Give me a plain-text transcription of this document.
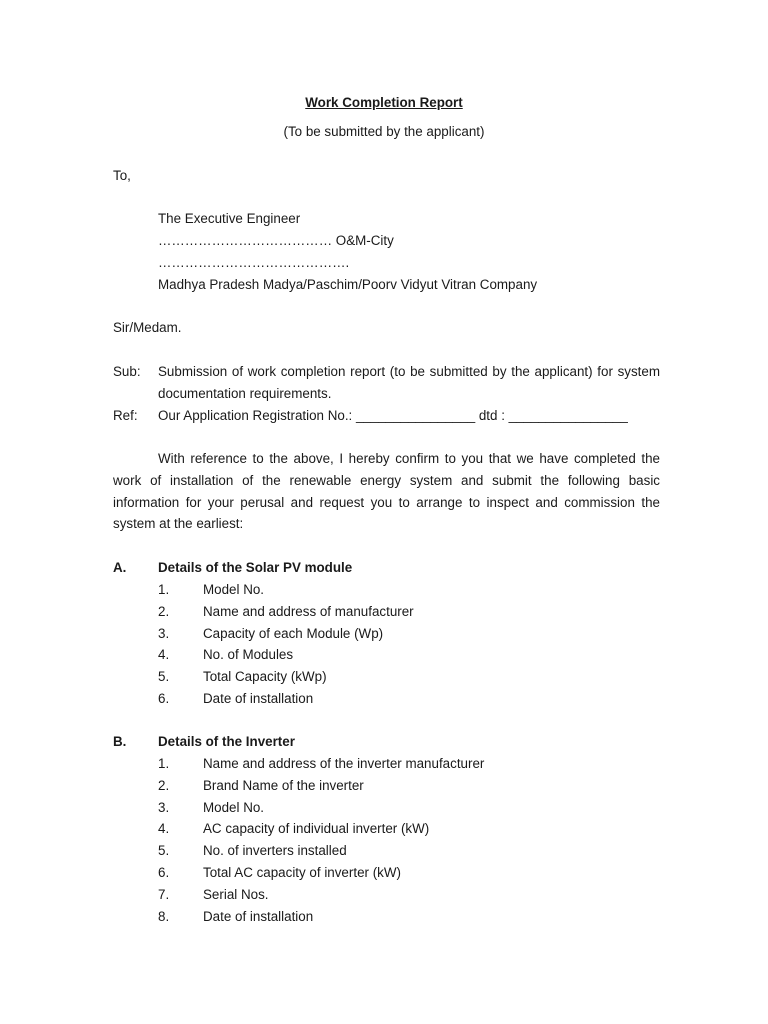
Work Completion Report
(To be submitted by the applicant)
To,
The Executive Engineer
………………………………… O&M-City
…………………………………….
Madhya Pradesh Madya/Paschim/Poorv Vidyut Vitran Company
Sir/Medam.
Sub: Submission of work completion report (to be submitted by the applicant) for system documentation requirements.
Ref: Our Application Registration No.: ________________ dtd : ________________
With reference to the above, I hereby confirm to you that we have completed the work of installation of the renewable energy system and submit the following basic information for your perusal and request you to arrange to inspect and commission the system at the earliest:
A. Details of the Solar PV module
1.	Model No.
2.	Name and address of manufacturer
3.	Capacity of each Module (Wp)
4.	No. of Modules
5.	Total Capacity (kWp)
6.	Date of installation
B. Details of the Inverter
1.	Name and address of the inverter manufacturer
2.	Brand Name of the inverter
3.	Model No.
4.	AC capacity of individual inverter (kW)
5.	No. of inverters installed
6.	Total AC capacity of inverter (kW)
7.	Serial Nos.
8.	Date of installation
